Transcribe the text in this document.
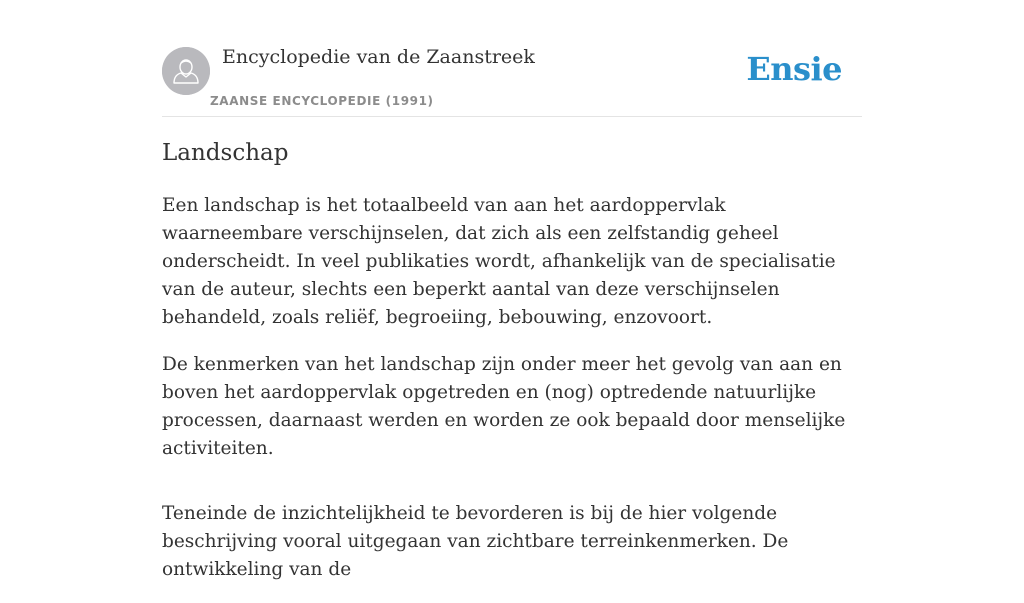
Encyclopedie van de Zaanstreek
ZAANSE ENCYCLOPEDIE (1991)
Ensie
Landschap

Een landschap is het totaalbeeld van aan het aardoppervlak waarneembare verschijnselen, dat zich als een zelfstandig geheel onderscheidt. In veel publikaties wordt, afhankelijk van de specialisatie van de auteur, slechts een beperkt aantal van deze verschijnselen behandeld, zoals reliëf, begroeiing, bebouwing, enzovoort.

De kenmerken van het landschap zijn onder meer het gevolg van aan en boven het aardoppervlak opgetreden en (nog) optredende natuurlijke processen, daarnaast werden en worden ze ook bepaald door menselijke activiteiten.

Teneinde de inzichtelijkheid te bevorderen is bij de hier volgende beschrijving vooral uitgegaan van zichtbare terreinkenmerken. De ontwikkeling van de
